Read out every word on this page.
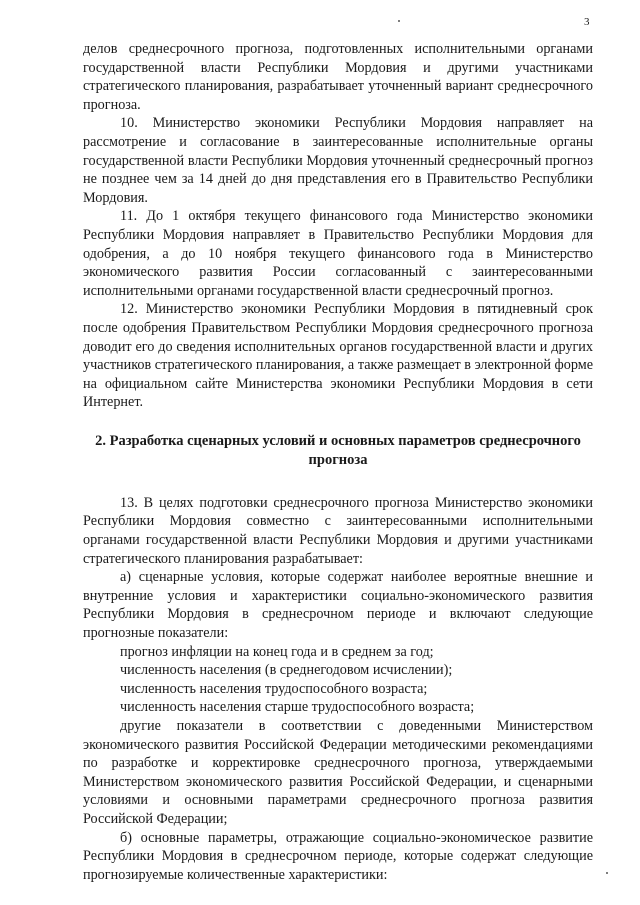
3

делов среднесрочного прогноза, подготовленных исполнительными органами государственной власти Республики Мордовия и другими участниками стратегического планирования, разрабатывает уточненный вариант среднесрочного прогноза.

10. Министерство экономики Республики Мордовия направляет на рассмотрение и согласование в заинтересованные исполнительные органы государственной власти Республики Мордовия уточненный среднесрочный прогноз не позднее чем за 14 дней до дня представления его в Правительство Республики Мордовия.

11. До 1 октября текущего финансового года Министерство экономики Республики Мордовия направляет в Правительство Республики Мордовия для одобрения, а до 10 ноября текущего финансового года в Министерство экономического развития России согласованный с заинтересованными исполнительными органами государственной власти среднесрочный прогноз.

12. Министерство экономики Республики Мордовия в пятидневный срок после одобрения Правительством Республики Мордовия среднесрочного прогноза доводит его до сведения исполнительных органов государственной власти и других участников стратегического планирования, а также размещает в электронной форме на официальном сайте Министерства экономики Республики Мордовия в сети Интернет.

2. Разработка сценарных условий и основных параметров среднесрочного прогноза

13. В целях подготовки среднесрочного прогноза Министерство экономики Республики Мордовия совместно с заинтересованными исполнительными органами государственной власти Республики Мордовия и другими участниками стратегического планирования разрабатывает:

а) сценарные условия, которые содержат наиболее вероятные внешние и внутренние условия и характеристики социально-экономического развития Республики Мордовия в среднесрочном периоде и включают следующие прогнозные показатели:

прогноз инфляции на конец года и в среднем за год;

численность населения (в среднегодовом исчислении);

численность населения трудоспособного возраста;

численность населения старше трудоспособного возраста;

другие показатели в соответствии с доведенными Министерством экономического развития Российской Федерации методическими рекомендациями по разработке и корректировке среднесрочного прогноза, утверждаемыми Министерством экономического развития Российской Федерации, и сценарными условиями и основными параметрами среднесрочного прогноза развития Российской Федерации;

б) основные параметры, отражающие социально-экономическое развитие Республики Мордовия в среднесрочном периоде, которые содержат следующие прогнозируемые количественные характеристики:
